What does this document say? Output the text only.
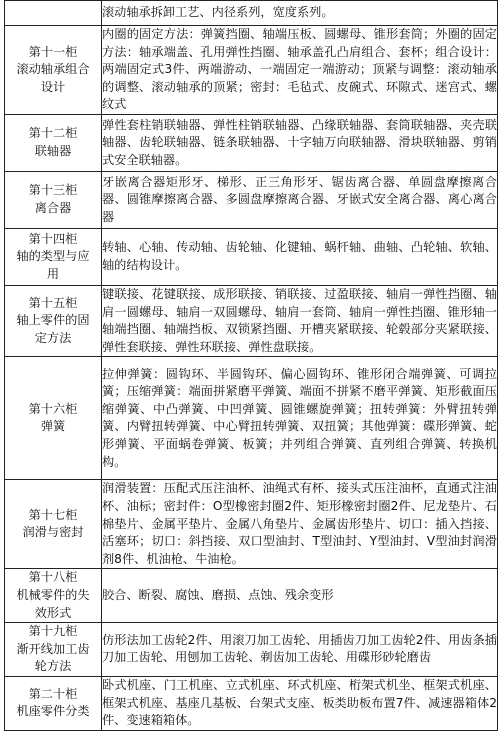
	滚动轴承拆卸工艺、内径系列，宽度系列。

第十一柜
滚动轴承组合
设计	内圈的固定方法：弹簧挡圈、轴端压板、圆螺母、锥形套筒；外圈的固定方法：轴承端盖、孔用弹性挡圈、轴承盖孔凸肩组合、套杯；组合设计：两端固定式3件、两端游动、一端固定一端游动；顶紧与调整：滚动轴承的调整、滚动轴承的顶紧；密封：毛毡式、皮碗式、环隙式、迷宫式、螺纹式

第十二柜
联轴器	弹性套柱销联轴器、弹性柱销联轴器、凸缘联轴器、套筒联轴器、夹壳联轴器、齿轮联轴器、链条联轴器、十字轴万向联轴器、滑块联轴器、剪销式安全联轴器。

第十三柜
离合器	牙嵌离合器矩形牙、梯形、正三角形牙、锯齿离合器、单圆盘摩擦离合器、圆锥摩擦离合器、多圆盘摩擦离合器、牙嵌式安全离合器、离心离合器

第十四柜
轴的类型与应
用	转轴、心轴、传动轴、齿轮轴、化键轴、蜗杆轴、曲轴、凸轮轴、软轴、轴的结构设计。

第十五柜
轴上零件的固
定方法	键联接、花键联接、成形联接、销联接、过盈联接、轴肩一弹性挡圈、轴肩一圆螺母、轴肩一双圆螺母、轴肩一套筒、轴肩一弹性挡圈、锥形轴一轴端挡圈、轴端挡板、双锁紧挡圈、开槽夹紧联接、轮毂部分夹紧联接、弹性套联接、弹性环联接、弹性盘联接。

第十六柜
弹簧	拉伸弹簧：圆钩环、半圆钩环、偏心圆钩环、锥形闭合端弹簧、可调拉簧；压缩弹簧：端面拼紧磨平弹簧、端面不拼紧不磨平弹簧、矩形截面压缩弹簧、中凸弹簧、中凹弹簧、圆锥螺旋弹簧；扭转弹簧：外臂扭转弹簧、内臂扭转弹簧、中心臂扭转弹簧、双扭簧；其他弹簧：碟形弹簧、蛇形弹簧、平面蜗卷弹簧、板簧；并列组合弹簧、直列组合弹簧、转换机构。

第十七柜
润滑与密封	润滑装置：压配式压注油杯、油绳式有杯、接头式压注油杯，直通式注油杯、油标；密封件：O型橡密封圈2件、矩形橡密封圈2件、尼龙垫片、石棉垫片、金属平垫片、金属八角垫片、金属齿形垫片、切口：插入挡接、活塞环；切口：斜挡接、双口型油封、T型油封、Y型油封、V型油封润滑剂8件、机油枪、牛油枪。

第十八柜
机械零件的失
效形式	胶合、断裂、腐蚀、磨损、点蚀、残余变形

第十九柜
渐开线加工齿
轮方法	仿形法加工齿轮2件、用滚刀加工齿轮、用插齿刀加工齿轮2件、用齿条插刀加工齿轮、用刨加工齿轮、剃齿加工齿轮、用碟形砂轮磨齿

第二十柜
机座零件分类	卧式机座、门工机座、立式机座、环式机座、桁架式机坐、框架式机座、框架式机座、基座几基板、台架式支座、板类助板布置7件、减速器箱体2件、变速箱箱体。
